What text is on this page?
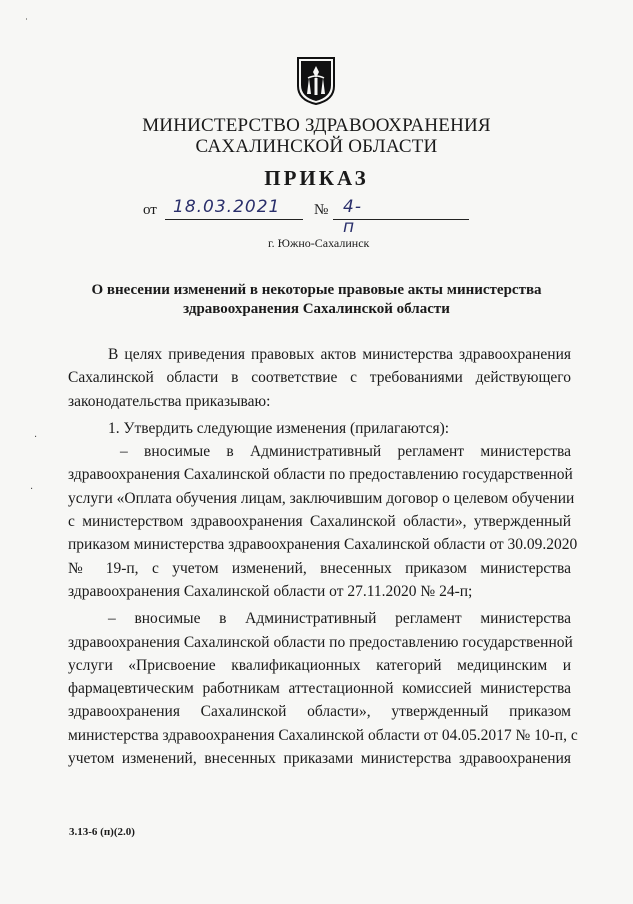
МИНИСТЕРСТВО ЗДРАВООХРАНЕНИЯ
САХАЛИНСКОЙ ОБЛАСТИ
ПРИКАЗ
от 18.03.2021 № 4-п
г. Южно-Сахалинск
О внесении изменений в некоторые правовые акты министерства
здравоохранения Сахалинской области
В целях приведения правовых актов министерства здравоохранения
Сахалинской области в соответствие с требованиями действующего
законодательства приказываю:
1. Утвердить следующие изменения (прилагаются):
– вносимые в Административный регламент министерства
здравоохранения Сахалинской области по предоставлению государственной
услуги «Оплата обучения лицам, заключившим договор о целевом обучении
с министерством здравоохранения Сахалинской области», утвержденный
приказом министерства здравоохранения Сахалинской области от 30.09.2020
№ 19-п, с учетом изменений, внесенных приказом министерства
здравоохранения Сахалинской области от 27.11.2020 № 24-п;
– вносимые в Административный регламент министерства
здравоохранения Сахалинской области по предоставлению государственной
услуги «Присвоение квалификационных категорий медицинским и
фармацевтическим работникам аттестационной комиссией министерства
здравоохранения Сахалинской области», утвержденный приказом
министерства здравоохранения Сахалинской области от 04.05.2017 № 10-п, с
учетом изменений, внесенных приказами министерства здравоохранения
3.13-6 (п)(2.0)
˙
·
·
